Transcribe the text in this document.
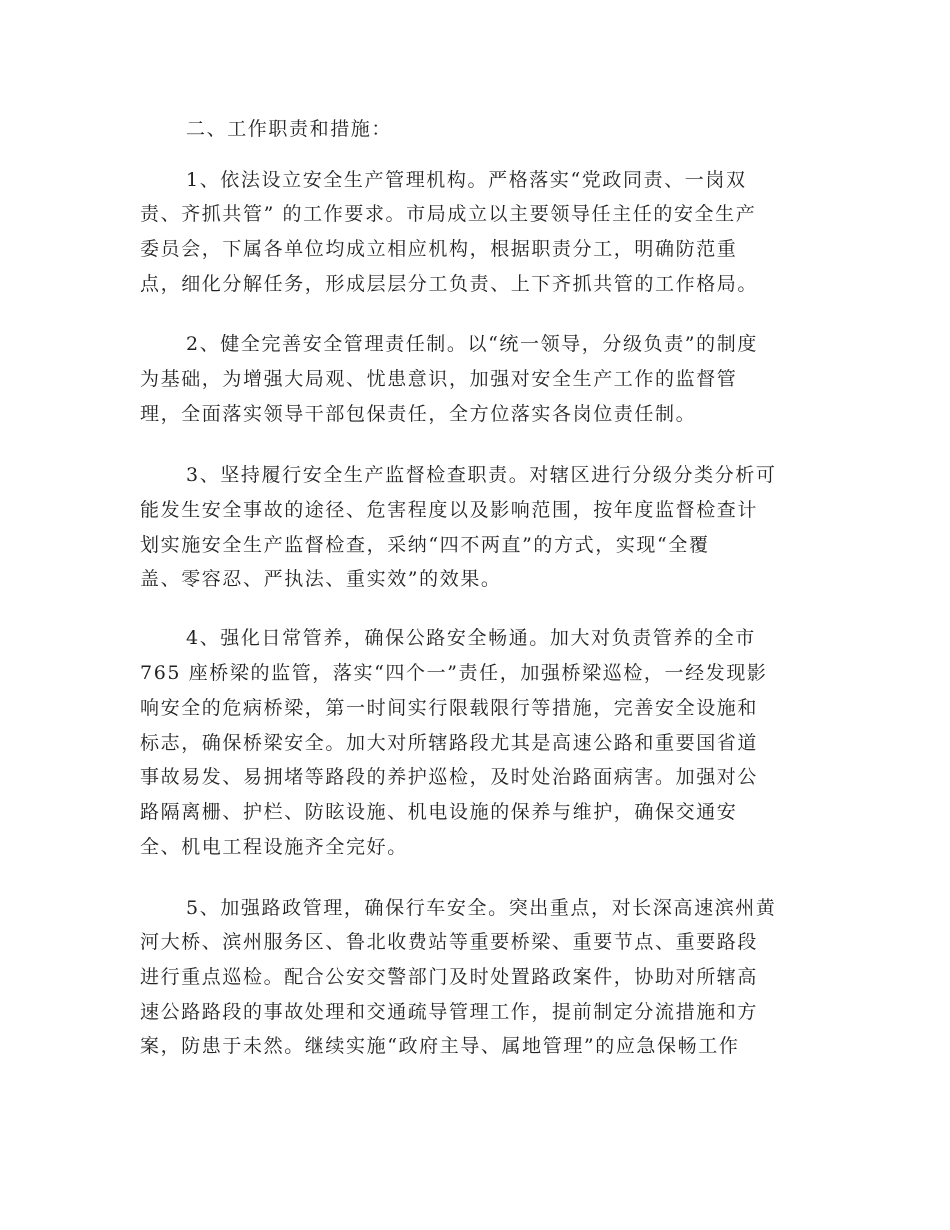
二、工作职责和措施：
1、依法设立安全生产管理机构。严格落实“党政同责、一岗双
责、齐抓共管” 的工作要求。市局成立以主要领导任主任的安全生产
委员会，下属各单位均成立相应机构，根据职责分工，明确防范重
点，细化分解任务，形成层层分工负责、上下齐抓共管的工作格局。
2、健全完善安全管理责任制。以“统一领导，分级负责”的制度
为基础，为增强大局观、忧患意识，加强对安全生产工作的监督管
理，全面落实领导干部包保责任，全方位落实各岗位责任制。
3、坚持履行安全生产监督检查职责。对辖区进行分级分类分析可
能发生安全事故的途径、危害程度以及影响范围，按年度监督检查计
划实施安全生产监督检查，采纳“四不两直”的方式，实现“全覆
盖、零容忍、严执法、重实效”的效果。
4、强化日常管养，确保公路安全畅通。加大对负责管养的全市
765 座桥梁的监管，落实“四个一”责任，加强桥梁巡检，一经发现影
响安全的危病桥梁，第一时间实行限载限行等措施，完善安全设施和
标志，确保桥梁安全。加大对所辖路段尤其是高速公路和重要国省道
事故易发、易拥堵等路段的养护巡检，及时处治路面病害。加强对公
路隔离栅、护栏、防眩设施、机电设施的保养与维护，确保交通安
全、机电工程设施齐全完好。
5、加强路政管理，确保行车安全。突出重点，对长深高速滨州黄
河大桥、滨州服务区、鲁北收费站等重要桥梁、重要节点、重要路段
进行重点巡检。配合公安交警部门及时处置路政案件，协助对所辖高
速公路路段的事故处理和交通疏导管理工作，提前制定分流措施和方
案，防患于未然。继续实施“政府主导、属地管理”的应急保畅工作
